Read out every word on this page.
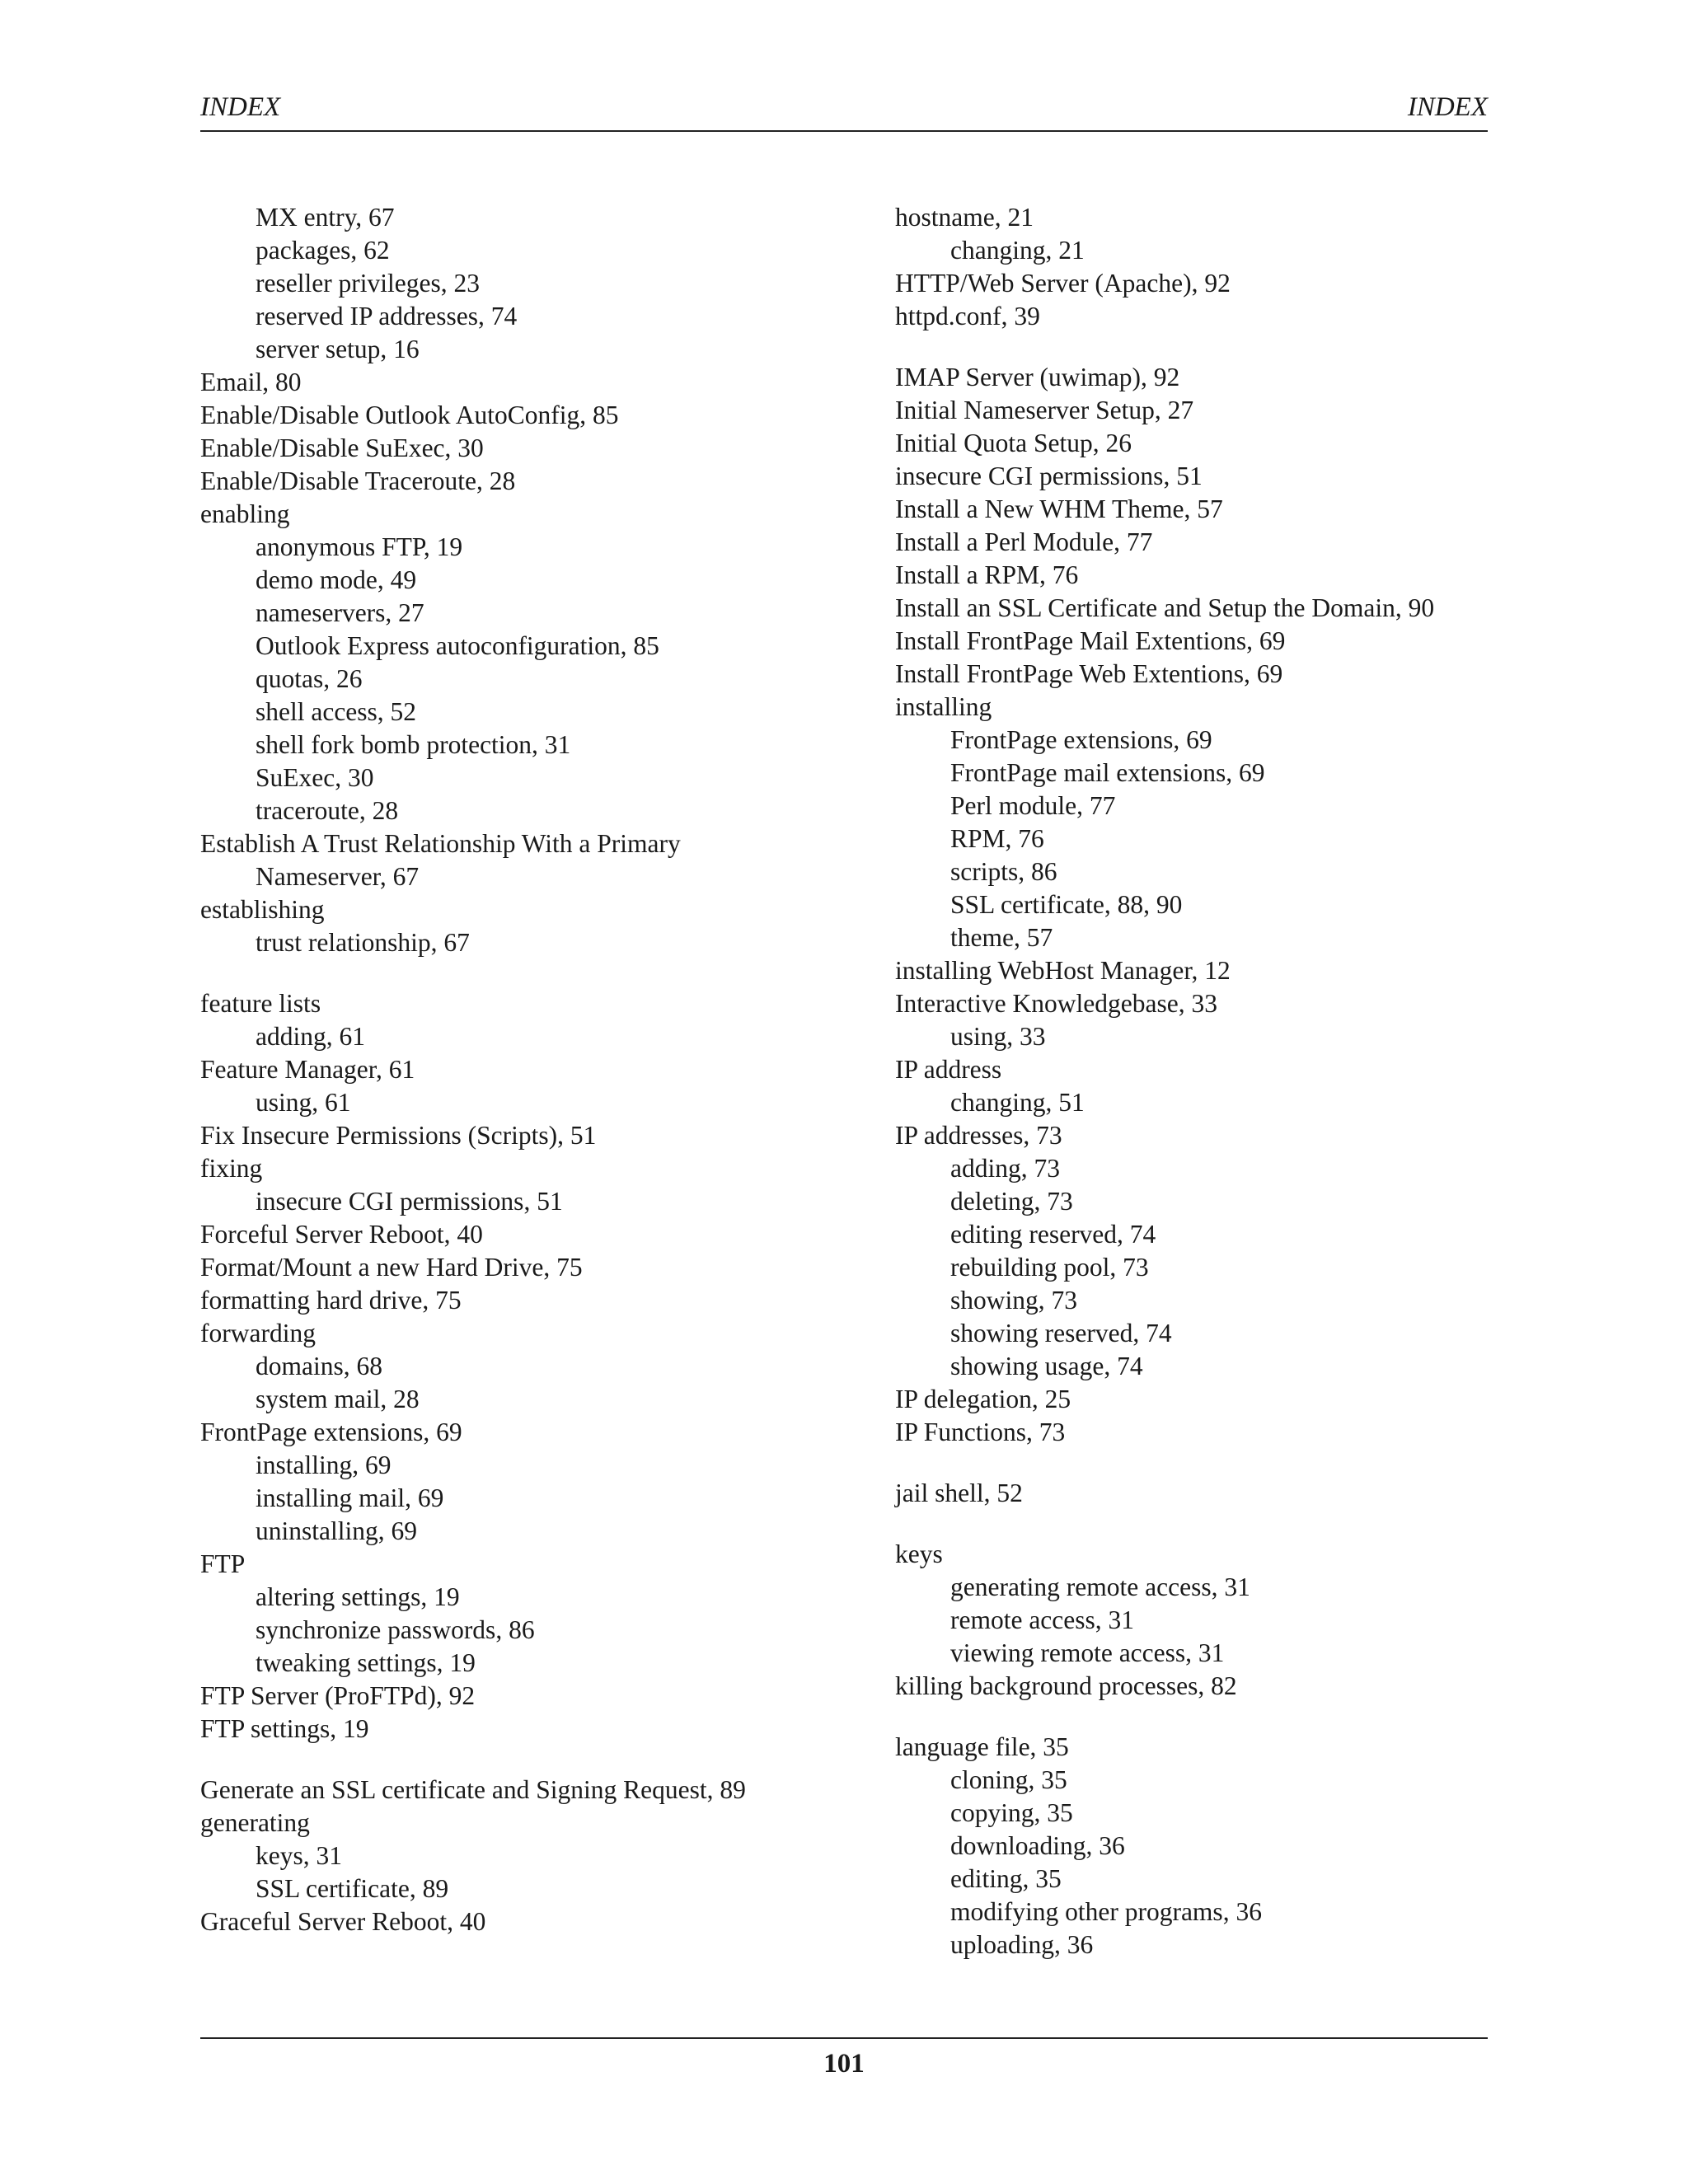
INDEX	INDEX
MX entry, 67
packages, 62
reseller privileges, 23
reserved IP addresses, 74
server setup, 16
Email, 80
Enable/Disable Outlook AutoConfig, 85
Enable/Disable SuExec, 30
Enable/Disable Traceroute, 28
enabling
anonymous FTP, 19
demo mode, 49
nameservers, 27
Outlook Express autoconfiguration, 85
quotas, 26
shell access, 52
shell fork bomb protection, 31
SuExec, 30
traceroute, 28
Establish A Trust Relationship With a Primary Nameserver, 67
establishing
trust relationship, 67
feature lists
adding, 61
Feature Manager, 61
using, 61
Fix Insecure Permissions (Scripts), 51
fixing
insecure CGI permissions, 51
Forceful Server Reboot, 40
Format/Mount a new Hard Drive, 75
formatting hard drive, 75
forwarding
domains, 68
system mail, 28
FrontPage extensions, 69
installing, 69
installing mail, 69
uninstalling, 69
FTP
altering settings, 19
synchronize passwords, 86
tweaking settings, 19
FTP Server (ProFTPd), 92
FTP settings, 19
Generate an SSL certificate and Signing Request, 89
generating
keys, 31
SSL certificate, 89
Graceful Server Reboot, 40
hostname, 21
changing, 21
HTTP/Web Server (Apache), 92
httpd.conf, 39
IMAP Server (uwimap), 92
Initial Nameserver Setup, 27
Initial Quota Setup, 26
insecure CGI permissions, 51
Install a New WHM Theme, 57
Install a Perl Module, 77
Install a RPM, 76
Install an SSL Certificate and Setup the Domain, 90
Install FrontPage Mail Extentions, 69
Install FrontPage Web Extentions, 69
installing
FrontPage extensions, 69
FrontPage mail extensions, 69
Perl module, 77
RPM, 76
scripts, 86
SSL certificate, 88, 90
theme, 57
installing WebHost Manager, 12
Interactive Knowledgebase, 33
using, 33
IP address
changing, 51
IP addresses, 73
adding, 73
deleting, 73
editing reserved, 74
rebuilding pool, 73
showing, 73
showing reserved, 74
showing usage, 74
IP delegation, 25
IP Functions, 73
jail shell, 52
keys
generating remote access, 31
remote access, 31
viewing remote access, 31
killing background processes, 82
language file, 35
cloning, 35
copying, 35
downloading, 36
editing, 35
modifying other programs, 36
uploading, 36
101
